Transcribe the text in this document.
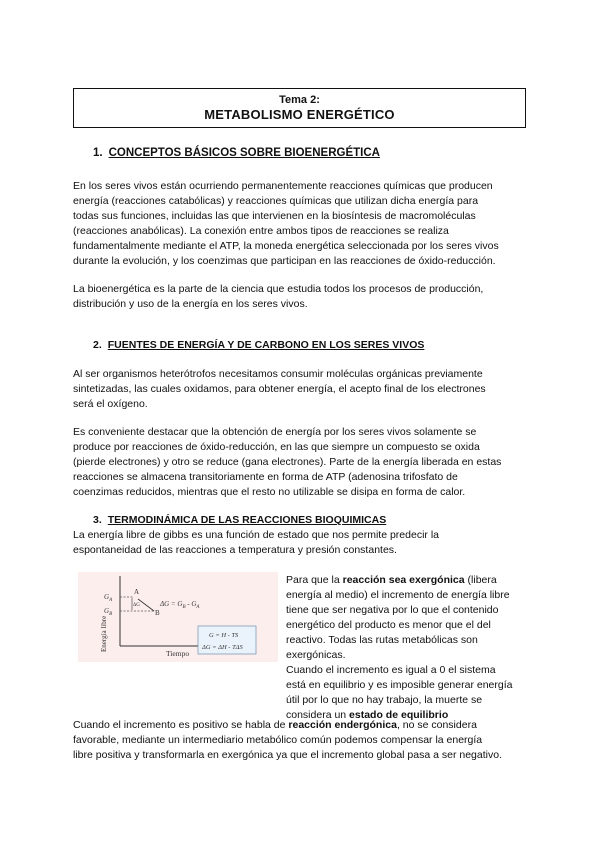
Tema 2:
METABOLISMO ENERGÉTICO
1. CONCEPTOS BÁSICOS SOBRE BIOENERGÉTICA

En los seres vivos están ocurriendo permanentemente reacciones químicas que producen

energía (reacciones catabólicas) y reacciones químicas que utilizan dicha energía para

todas sus funciones, incluidas las que intervienen en la biosíntesis de macromoléculas

(reacciones anabólicas). La conexión entre ambos tipos de reacciones se realiza

fundamentalmente mediante el ATP, la moneda energética seleccionada por los seres vivos

durante la evolución, y los coenzimas que participan en las reacciones de óxido-reducción.

La bioenergética es la parte de la ciencia que estudia todos los procesos de producción,

distribución y uso de la energía en los seres vivos.

2. FUENTES DE ENERGÍA Y DE CARBONO EN LOS SERES VIVOS

Al ser organismos heterótrofos necesitamos consumir moléculas orgánicas previamente

sintetizadas, las cuales oxidamos, para obtener energía, el acepto final de los electrones

será el oxígeno.

Es conveniente destacar que la obtención de energía por los seres vivos solamente se

produce por reacciones de óxido-reducción, en las que siempre un compuesto se oxida

(pierde electrones) y otro se reduce (gana electrones). Parte de la energía liberada en estas

reacciones se almacena transitoriamente en forma de ATP (adenosina trifosfato de

coenzimas reducidos, mientras que el resto no utilizable se disipa en forma de calor.

3. TERMODINÁMICA DE LAS REACCIONES BIOQUIMICAS

La energía libre de gibbs es una función de estado que nos permite predecir la

espontaneidad de las reacciones a temperatura y presión constantes.

Energía libre
Tiempo
$G_A$
$G_B$
A
B
ΔG	$\Delta G = G_B - G_A$
G = H - TS
ΔG = ΔH - TΔS

Para que la reacción sea exergónica (libera

energía al medio) el incremento de energía libre

tiene que ser negativa por lo que el contenido

energético del producto es menor que el del

reactivo. Todas las rutas metabólicas son

exergónicas.

Cuando el incremento es igual a 0 el sistema

está en equilibrio y es imposible generar energía

útil por lo que no hay trabajo, la muerte se

considera un estado de equilibrio

Cuando el incremento es positivo se habla de reacción endergónica, no se considera

favorable, mediante un intermediario metabólico común podemos compensar la energía

libre positiva y transformarla en exergónica ya que el incremento global pasa a ser negativo.
